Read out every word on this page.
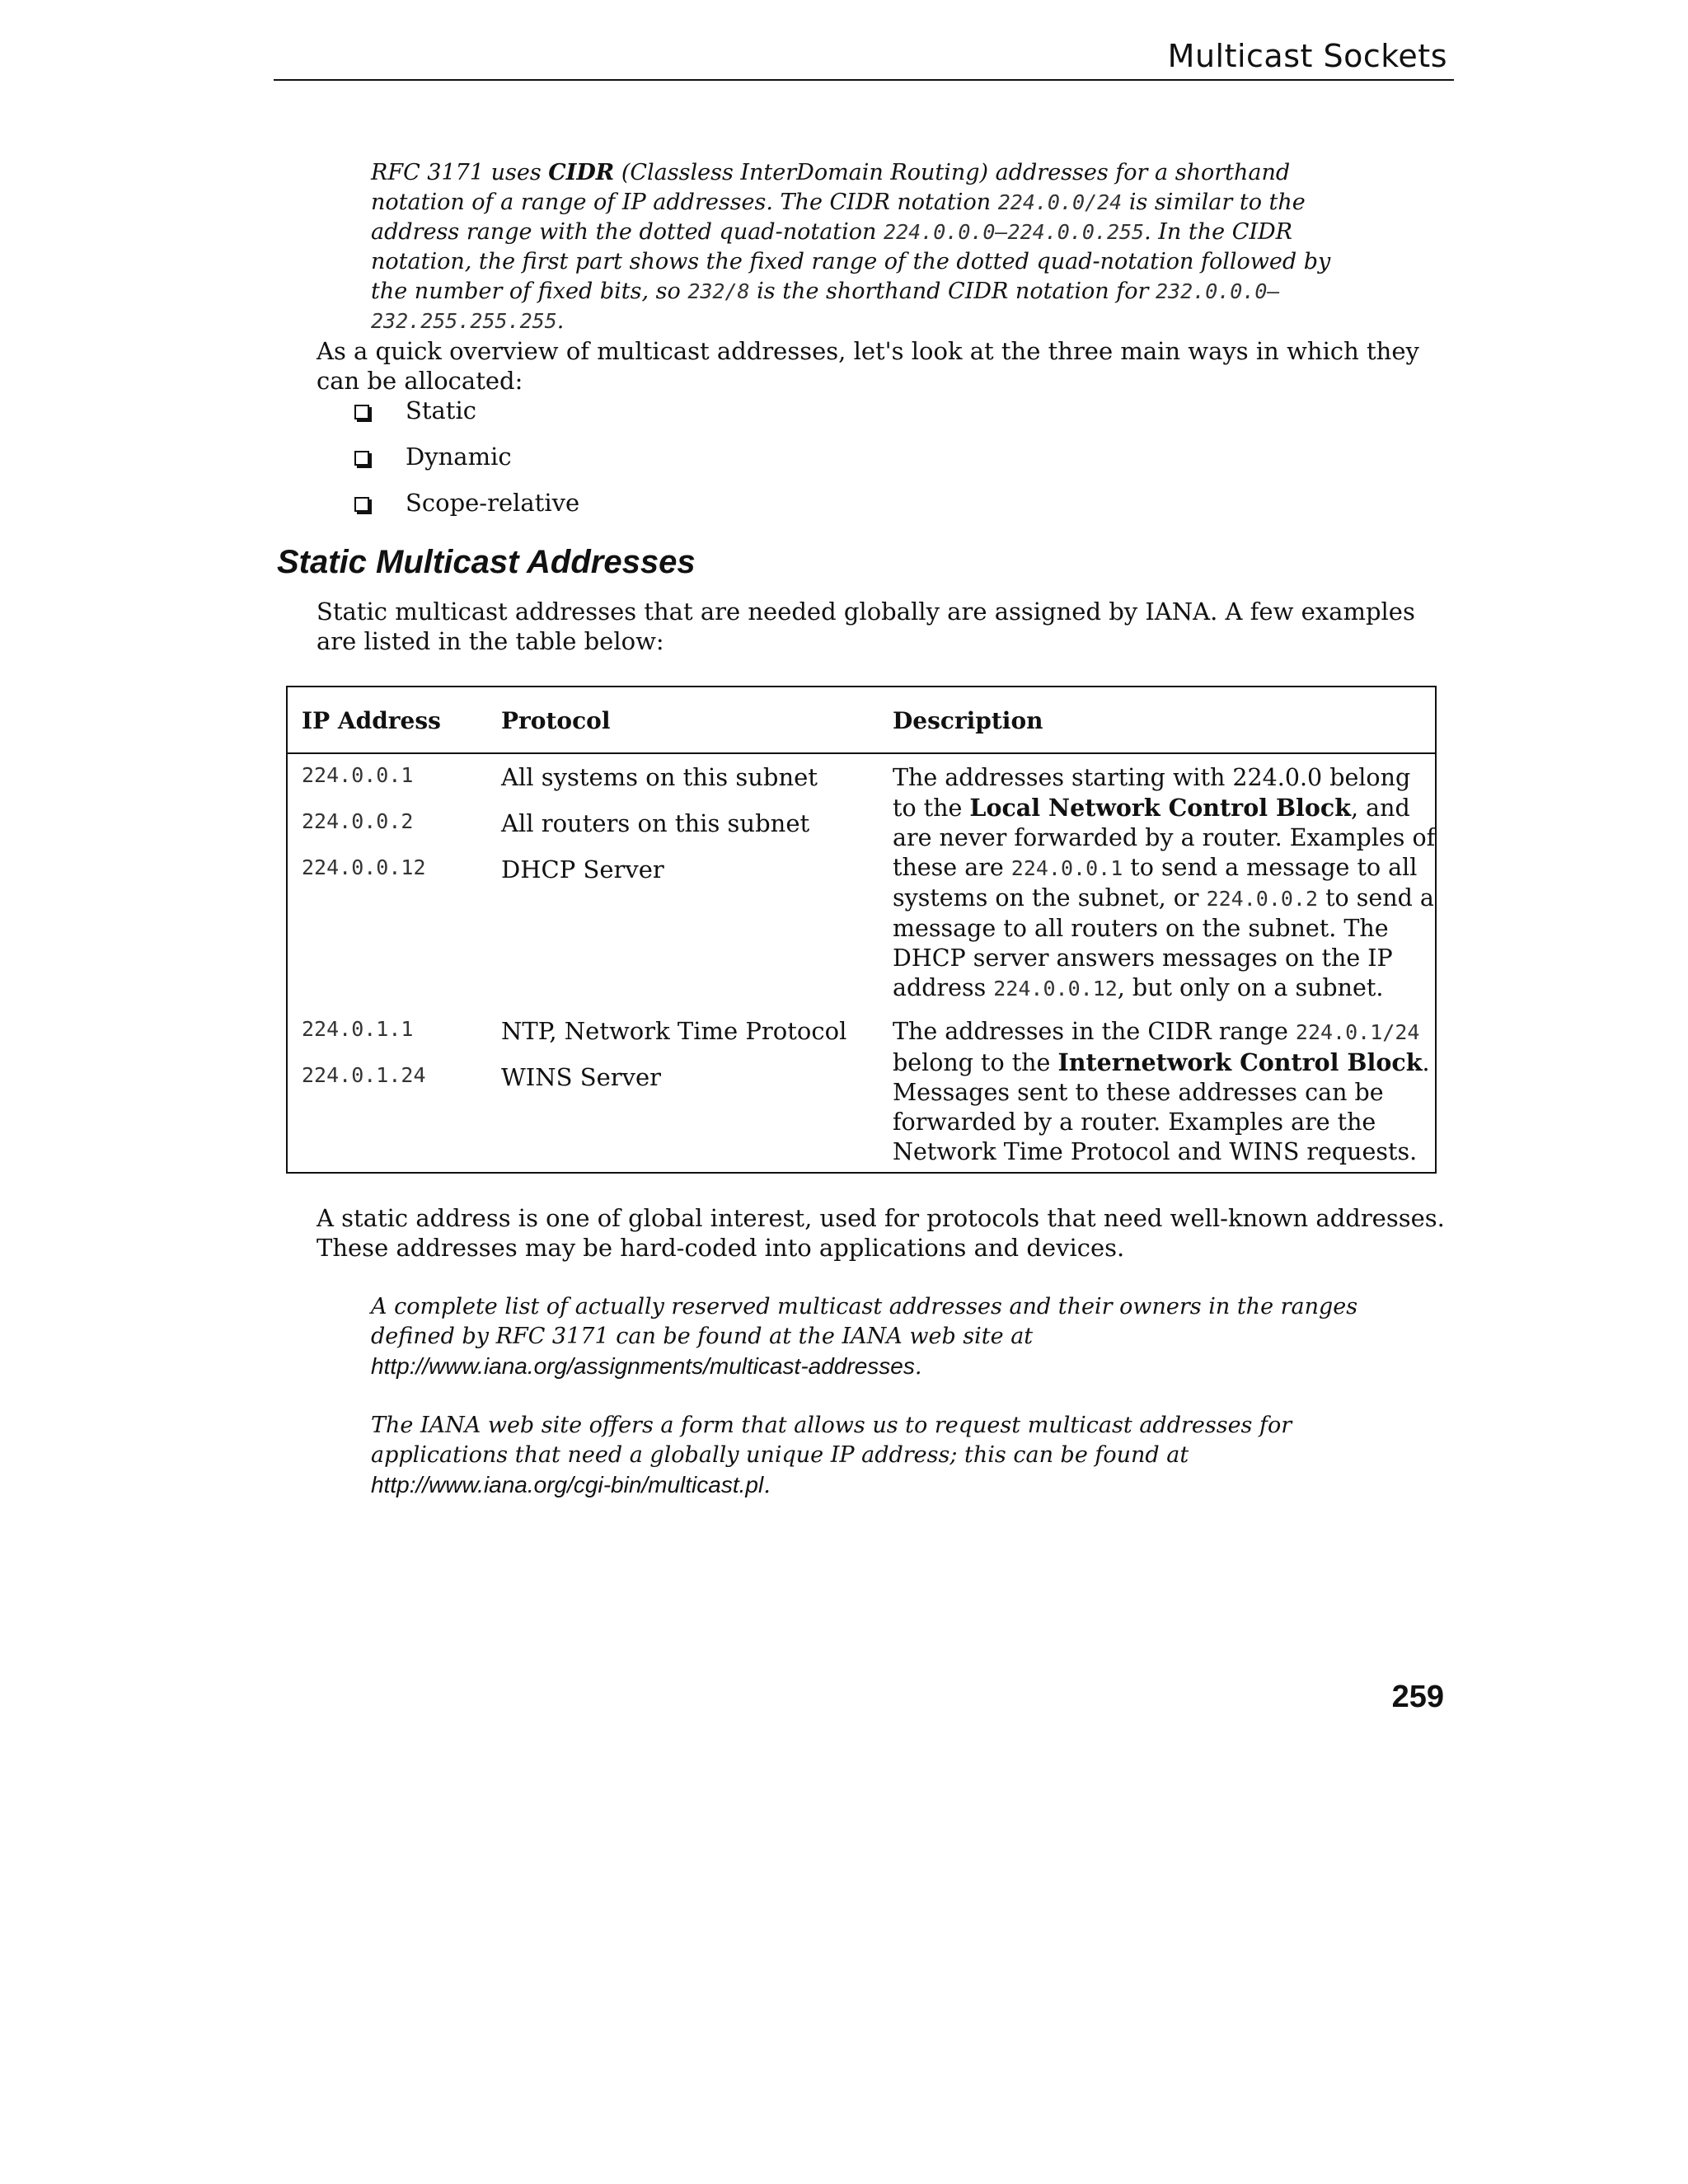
Multicast Sockets
RFC 3171 uses CIDR (Classless InterDomain Routing) addresses for a shorthand notation of a range of IP addresses. The CIDR notation 224.0.0/24 is similar to the address range with the dotted quad-notation 224.0.0.0–224.0.0.255. In the CIDR notation, the first part shows the fixed range of the dotted quad-notation followed by the number of fixed bits, so 232/8 is the shorthand CIDR notation for 232.0.0.0–232.255.255.255.
As a quick overview of multicast addresses, let's look at the three main ways in which they can be allocated:
Static
Dynamic
Scope-relative
Static Multicast Addresses
Static multicast addresses that are needed globally are assigned by IANA. A few examples are listed in the table below:
IP Address	Protocol	Description
224.0.0.1	All systems on this subnet
224.0.0.2	All routers on this subnet
224.0.0.12	DHCP Server
The addresses starting with 224.0.0 belong to the Local Network Control Block, and are never forwarded by a router. Examples of these are 224.0.0.1 to send a message to all systems on the subnet, or 224.0.0.2 to send a message to all routers on the subnet. The DHCP server answers messages on the IP address 224.0.0.12, but only on a subnet.
224.0.1.1	NTP, Network Time Protocol
224.0.1.24	WINS Server
The addresses in the CIDR range 224.0.1/24 belong to the Internetwork Control Block. Messages sent to these addresses can be forwarded by a router. Examples are the Network Time Protocol and WINS requests.
A static address is one of global interest, used for protocols that need well-known addresses. These addresses may be hard-coded into applications and devices.
A complete list of actually reserved multicast addresses and their owners in the ranges defined by RFC 3171 can be found at the IANA web site at
http://www.iana.org/assignments/multicast-addresses.
The IANA web site offers a form that allows us to request multicast addresses for applications that need a globally unique IP address; this can be found at
http://www.iana.org/cgi-bin/multicast.pl.
259
